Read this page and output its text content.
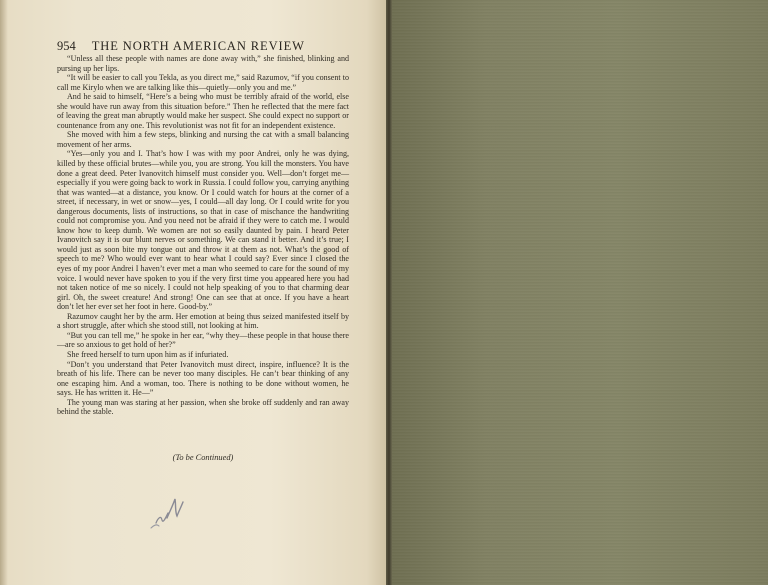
954 THE NORTH AMERICAN REVIEW

“Unless all these people with names are done away with,” she finished, blinking and pursing up her lips.

“It will be easier to call you Tekla, as you direct me,” said Razumov, “if you consent to call me Kirylo when we are talking like this—quietly—only you and me.”

And he said to himself, “Here’s a being who must be terribly afraid of the world, else she would have run away from this situation before.” Then he reflected that the mere fact of leaving the great man abruptly would make her suspect. She could expect no support or countenance from any one. This revolutionist was not fit for an independent existence.

She moved with him a few steps, blinking and nursing the cat with a small balancing movement of her arms.

“Yes—only you and I. That’s how I was with my poor Andrei, only he was dying, killed by these official brutes—while you, you are strong. You kill the monsters. You have done a great deed. Peter Ivanovitch himself must consider you. Well—don’t forget me—especially if you were going back to work in Russia. I could follow you, carrying anything that was wanted—at a distance, you know. Or I could watch for hours at the corner of a street, if necessary, in wet or snow—yes, I could—all day long. Or I could write for you dangerous documents, lists of instructions, so that in case of mischance the handwriting could not compromise you. And you need not be afraid if they were to catch me. I would know how to keep dumb. We women are not so easily daunted by pain. I heard Peter Ivanovitch say it is our blunt nerves or something. We can stand it better. And it’s true; I would just as soon bite my tongue out and throw it at them as not. What’s the good of speech to me? Who would ever want to hear what I could say? Ever since I closed the eyes of my poor Andrei I haven’t ever met a man who seemed to care for the sound of my voice. I would never have spoken to you if the very first time you appeared here you had not taken notice of me so nicely. I could not help speaking of you to that charming dear girl. Oh, the sweet creature! And strong! One can see that at once. If you have a heart don’t let her ever set her foot in here. Good-by.”

Razumov caught her by the arm. Her emotion at being thus seized manifested itself by a short struggle, after which she stood still, not looking at him.

“But you can tell me,” he spoke in her ear, “why they—these people in that house there—are so anxious to get hold of her?”

She freed herself to turn upon him as if infuriated.

“Don’t you understand that Peter Ivanovitch must direct, inspire, influence? It is the breath of his life. There can be never too many disciples. He can’t bear thinking of any one escaping him. And a woman, too. There is nothing to be done without women, he says. He has written it. He—”

The young man was staring at her passion, when she broke off suddenly and ran away behind the stable.

(To be Continued)
